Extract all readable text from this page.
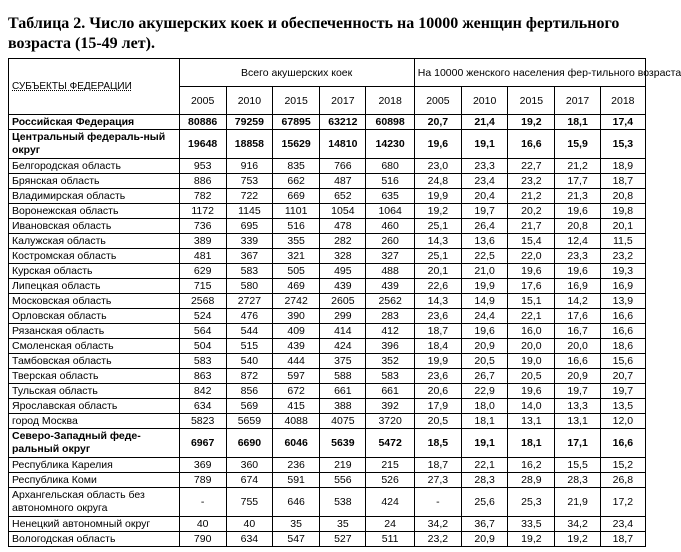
Таблица 2. Число акушерских коек и обеспеченность на 10000 женщин фертильного возраста (15-49 лет).

СУБЪЕКТЫ ФЕДЕРАЦИИ	Всего акушерских коек					На 10000 женского населения фер-тильного возраста				
	2005	2010	2015	2017	2018	2005	2010	2015	2017	2018
Российская Федерация	80886	79259	67895	63212	60898	20,7	21,4	19,2	18,1	17,4
Центральный федераль-ный округ	19648	18858	15629	14810	14230	19,6	19,1	16,6	15,9	15,3
Белгородская область	953	916	835	766	680	23,0	23,3	22,7	21,2	18,9
Брянская область	886	753	662	487	516	24,8	23,4	23,2	17,7	18,7
Владимирская область	782	722	669	652	635	19,9	20,4	21,2	21,3	20,8
Воронежская область	1172	1145	1101	1054	1064	19,2	19,7	20,2	19,6	19,8
Ивановская область	736	695	516	478	460	25,1	26,4	21,7	20,8	20,1
Калужская область	389	339	355	282	260	14,3	13,6	15,4	12,4	11,5
Костромская область	481	367	321	328	327	25,1	22,5	22,0	23,3	23,2
Курская область	629	583	505	495	488	20,1	21,0	19,6	19,6	19,3
Липецкая область	715	580	469	439	439	22,6	19,9	17,6	16,9	16,9
Московская область	2568	2727	2742	2605	2562	14,3	14,9	15,1	14,2	13,9
Орловская область	524	476	390	299	283	23,6	24,4	22,1	17,6	16,6
Рязанская область	564	544	409	414	412	18,7	19,6	16,0	16,7	16,6
Смоленская область	504	515	439	424	396	18,4	20,9	20,0	20,0	18,6
Тамбовская область	583	540	444	375	352	19,9	20,5	19,0	16,6	15,6
Тверская область	863	872	597	588	583	23,6	26,7	20,5	20,9	20,7
Тульская область	842	856	672	661	661	20,6	22,9	19,6	19,7	19,7
Ярославская область	634	569	415	388	392	17,9	18,0	14,0	13,3	13,5
город Москва	5823	5659	4088	4075	3720	20,5	18,1	13,1	13,1	12,0
Северо-Западный феде-ральный округ	6967	6690	6046	5639	5472	18,5	19,1	18,1	17,1	16,6
Республика Карелия	369	360	236	219	215	18,7	22,1	16,2	15,5	15,2
Республика Коми	789	674	591	556	526	27,3	28,3	28,9	28,3	26,8
Архангельская область без автономного округа	-	755	646	538	424	-	25,6	25,3	21,9	17,2
Ненецкий автономный округ	40	40	35	35	24	34,2	36,7	33,5	34,2	23,4
Вологодская область	790	634	547	527	511	23,2	20,9	19,2	19,2	18,7
